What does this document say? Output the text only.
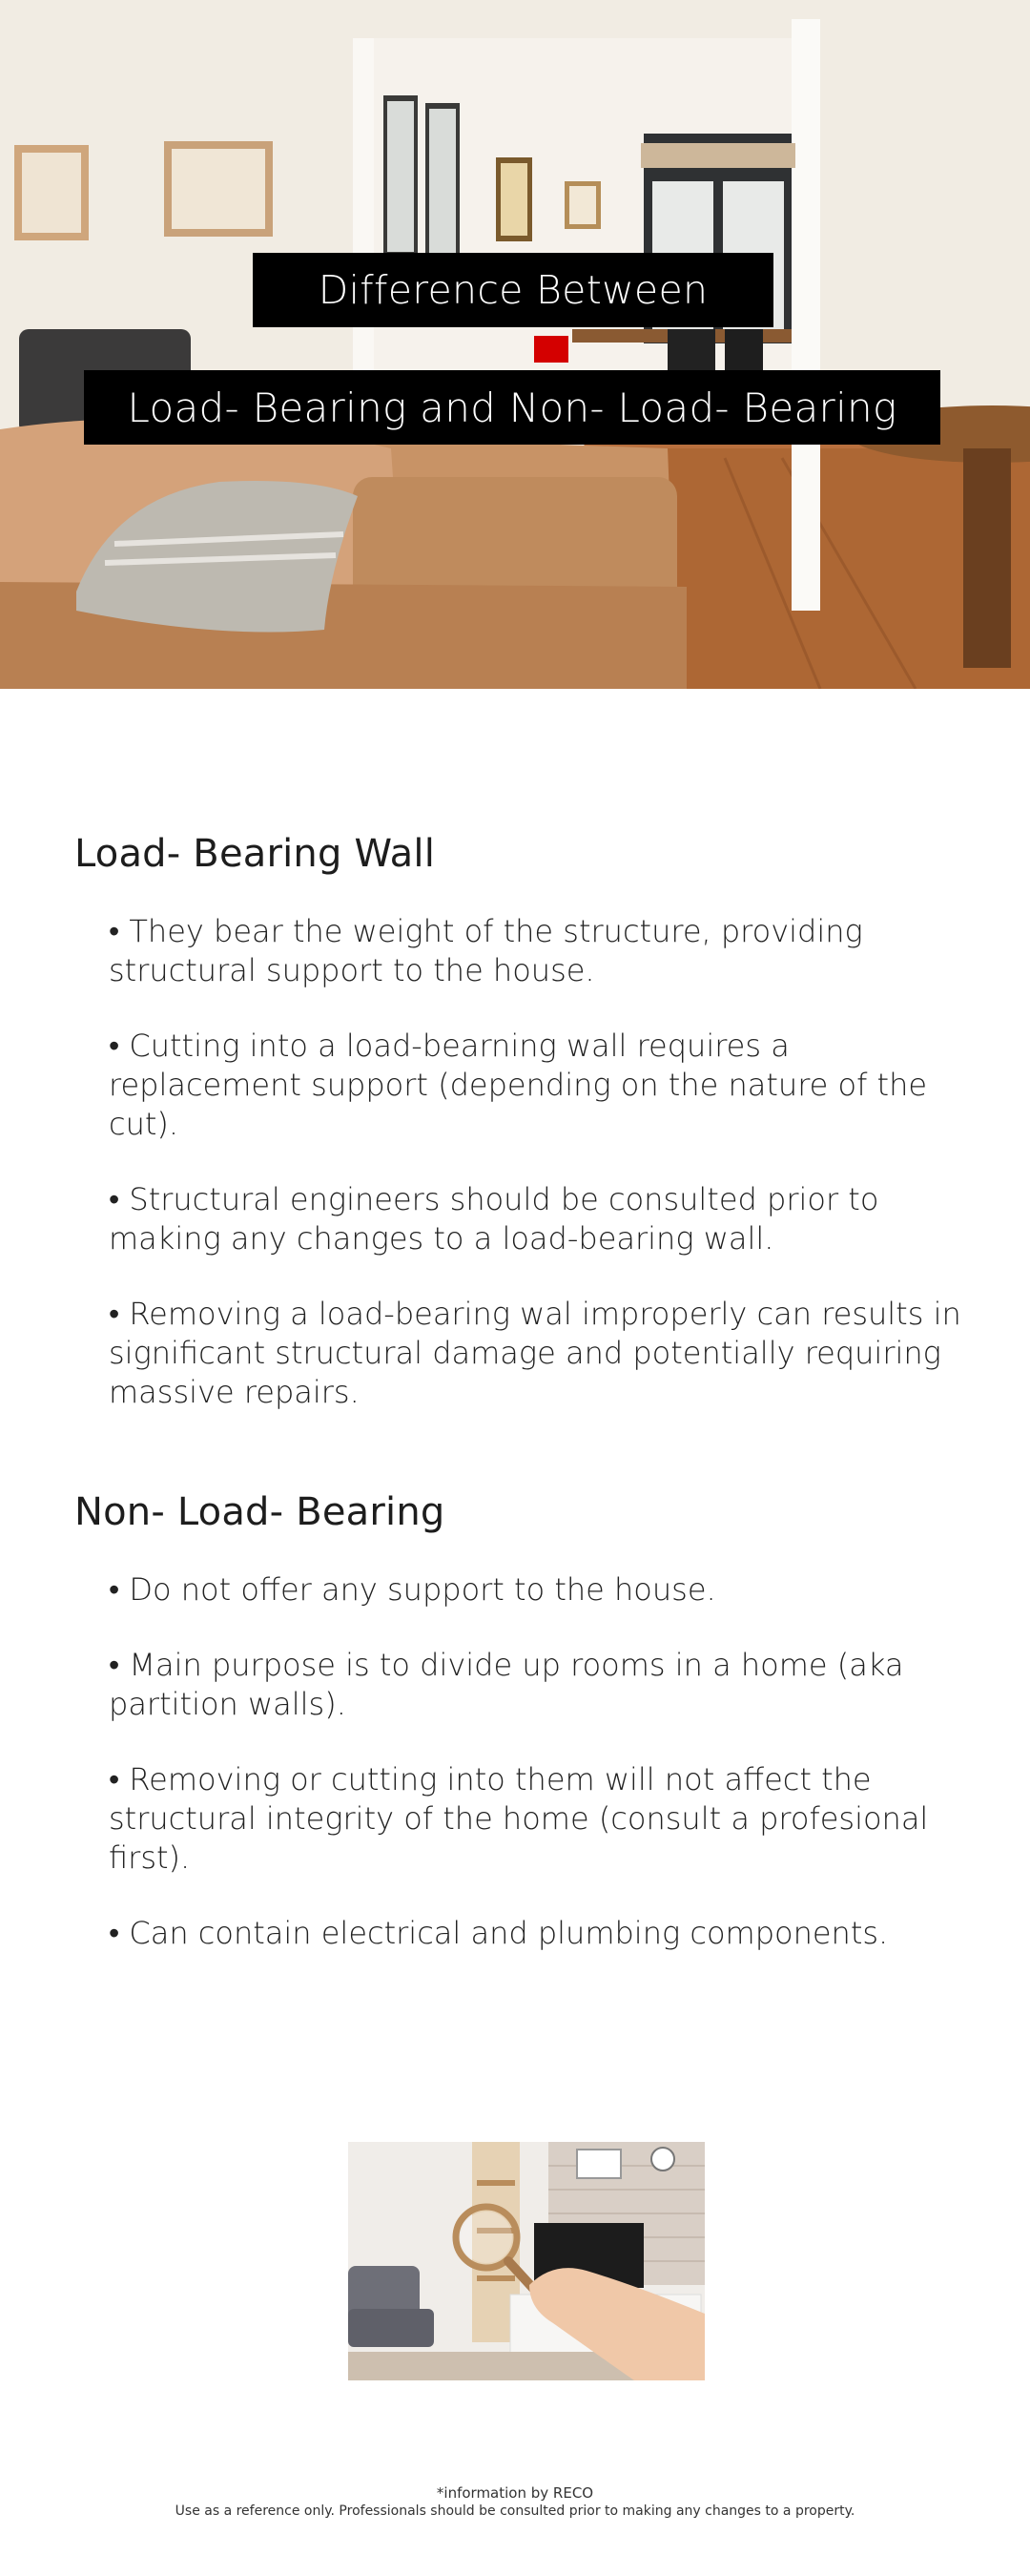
Difference Between
Load- Bearing and Non- Load- Bearing
Load- Bearing Wall
• They bear the weight of the structure, providing structural support to the house.
• Cutting into a load-bearning wall requires a replacement support (depending on the nature of the cut).
• Structural engineers should be consulted prior to making any changes to a load-bearing wall.
• Removing a load-bearing wal improperly can results in significant structural damage and potentially requiring massive repairs.
Non- Load- Bearing
• Do not offer any support to the house.
• Main purpose is to divide up rooms in a home (aka partition walls).
• Removing or cutting into them will not affect the structural integrity of the home (consult a profesional first).
• Can contain electrical and plumbing components.
*information by RECO
Use as a reference only. Professionals should be consulted prior to making any changes to a property.
